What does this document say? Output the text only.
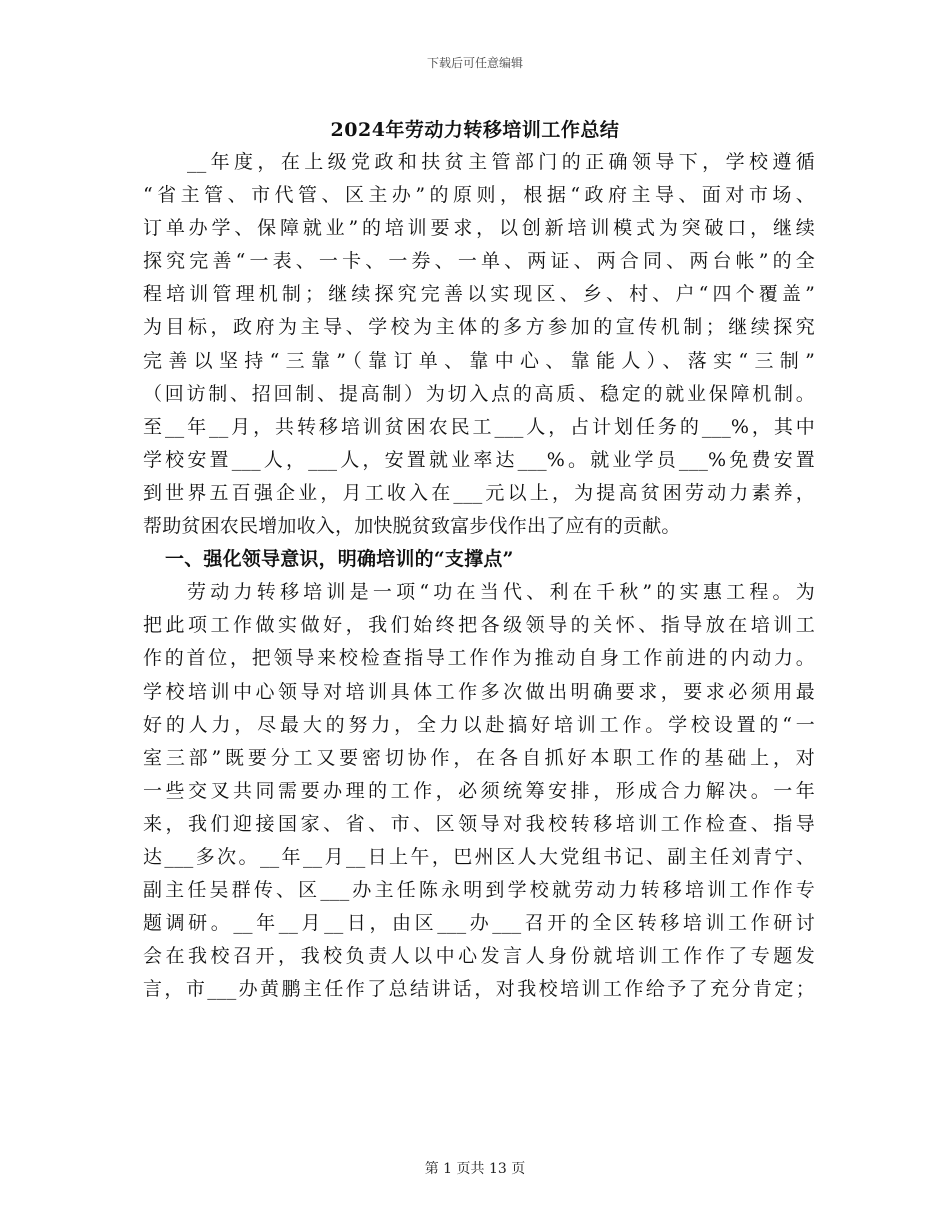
下载后可任意编辑
2024年劳动力转移培训工作总结
__年度，在上级党政和扶贫主管部门的正确领导下，学校遵循
“省主管、市代管、区主办”的原则，根据“政府主导、面对市场、
订单办学、保障就业”的培训要求，以创新培训模式为突破口，继续
探究完善“一表、一卡、一券、一单、两证、两合同、两台帐”的全
程培训管理机制；继续探究完善以实现区、乡、村、户“四个覆盖”
为目标，政府为主导、学校为主体的多方参加的宣传机制；继续探究
完善以坚持“三靠”（靠订单、靠中心、靠能人）、落实“三制”
（回访制、招回制、提高制）为切入点的高质、稳定的就业保障机制。
至__年__月，共转移培训贫困农民工___人，占计划任务的___%，其中
学校安置___人，___人，安置就业率达___%。就业学员___%免费安置
到世界五百强企业，月工收入在___元以上，为提高贫困劳动力素养，
帮助贫困农民增加收入，加快脱贫致富步伐作出了应有的贡献。
一、强化领导意识，明确培训的“支撑点”
劳动力转移培训是一项“功在当代、利在千秋”的实惠工程。为
把此项工作做实做好，我们始终把各级领导的关怀、指导放在培训工
作的首位，把领导来校检查指导工作作为推动自身工作前进的内动力。
学校培训中心领导对培训具体工作多次做出明确要求，要求必须用最
好的人力，尽最大的努力，全力以赴搞好培训工作。学校设置的“一
室三部”既要分工又要密切协作，在各自抓好本职工作的基础上，对
一些交叉共同需要办理的工作，必须统筹安排，形成合力解决。一年
来，我们迎接国家、省、市、区领导对我校转移培训工作检查、指导
达___多次。__年__月__日上午，巴州区人大党组书记、副主任刘青宁、
副主任吴群传、区___办主任陈永明到学校就劳动力转移培训工作作专
题调研。__年__月__日，由区___办___召开的全区转移培训工作研讨
会在我校召开，我校负责人以中心发言人身份就培训工作作了专题发
言，市___办黄鹏主任作了总结讲话，对我校培训工作给予了充分肯定；
第 1 页共 13 页
